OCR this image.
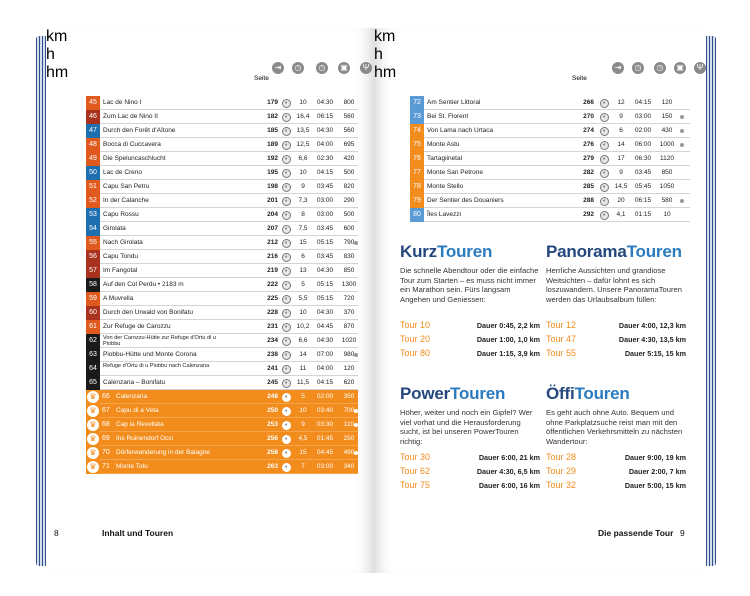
Seite
⇥	◷	◷	▣	Ψ
km
h
hm
45 Lac de Nino I	179	◐	10	04:30	800
46 Zum Lac de Nino II	182	◐	16,4	06:15	560
47 Durch den Forêt d'Aïtone	185	◐	13,5	04:30	560
48 Bocca di Cuccavera	189	◐	12,5	04:00	695
49 Die Speluncaschlucht	192	◐	6,6	02:30	420
50 Lac de Creno	195	◐	10	04:15	500
51 Capu San Petru	198	◐	9	03:45	820
52 In der Calanche	201	◐	7,3	03:00	290
53 Capu Rossu	204	◐	8	03:00	500
54 Girolata	207	◐	7,5	03:45	600
55 Nach Girolata	212	◐	15	05:15	790
56 Capu Tondu	216	◐	6	03:45	830
57 Im Fangotal	219	◐	13	04:30	850
58 Auf den Col Perdu • 2183 m	222	◐	5	05:15	1300
59 A Muvrella	225	◐	5,5	05:15	720
60 Durch den Urwald von Bonifatu	228	◐	10	04:30	370
61 Zur Refuge de Carozzu	231	◐	10,2	04:45	870
62	Von der Carozzu-Hütte zur Refuge d'Ortu di u Piobbu	234	◐	6,6	04:30	1020
63 Piobbu-Hütte und Monte Corona	238	◐	14	07:00	980
64	Refuge d'Ortu di u Piobbu nach Calenzana	241	◐	11	04:00	120
65 Calenzana – Bonifatu	245	◐	11,5	04:15	620
♛	Calenzana	248	◐	5	02:00	350
66
♛	Capu di a Veta	250	◐	10	03:40	700
67
♛	Cap la Revellata	253	◐	9	03:30	110
68
♛	Ins Ruinendorf Occi	256	◐	4,5	01:45	250
69
♛	Dörferwanderung in der Balagne	258	◐	15	04:45	490
70
♛	Monte Tolu	263	◐	7	03:00	340
71
8	Inhalt und Touren
Seite
⇥	◷	◷	▣	Ψ
km
h
hm
72 Am Sentier Littoral	266	◐	12	04:15	120
73 Bei St. Florent	270	◐	9	03:00	150
74 Von Lama nach Urtaca	274	◐	6	02:00	430
75 Monte Astu	276	◐	14	06:00	1000
76 Tartagiinetal	279	◐	17	06:30	1120
77 Monte San Petrone	282	◐	9	03:45	850
78 Monte Stello	285	◐	14,5	05:45	1050
79 Der Sentier des Douaniers	288	◐	20	06:15	580
80 Îles Lavezzi	292	◐	4,1	01:15	10
KurzTouren
Die schnelle Abendtour oder die einfache Tour zum Starten – es muss nicht immer ein Marathon sein. Fürs langsam Angehen und Geniessen:
Tour 10	Dauer 0:45, 2,2 km
Tour 20	Dauer 1:00, 1,0 km
Tour 80	Dauer 1:15, 3,9 km
PanoramaTouren
Herrliche Aussichten und grandiose Weitsichten – dafür lohnt es sich loszuwandern. Unsere PanoramaTouren werden das Urlaubsalbum füllen:
Tour 12	Dauer 4:00, 12,3 km
Tour 47	Dauer 4:30, 13,5 km
Tour 55	Dauer 5:15, 15 km
PowerTouren
Höher, weiter und noch ein Gipfel? Wer viel vorhat und die Herausforderung sucht, ist bei unseren PowerTouren richtig:
Tour 30	Dauer 6:00, 21 km
Tour 62	Dauer 4:30, 6,5 km
Tour 75	Dauer 6:00, 16 km
ÖffiTouren
Es geht auch ohne Auto. Bequem und ohne Parkplatzsuche reist man mit den öffentlichen Verkehrsmitteln zu nächsten Wandertour:
Tour 28	Dauer 9:00, 19 km
Tour 29	Dauer 2:00, 7 km
Tour 32	Dauer 5:00, 15 km
Die passende Tour 9
